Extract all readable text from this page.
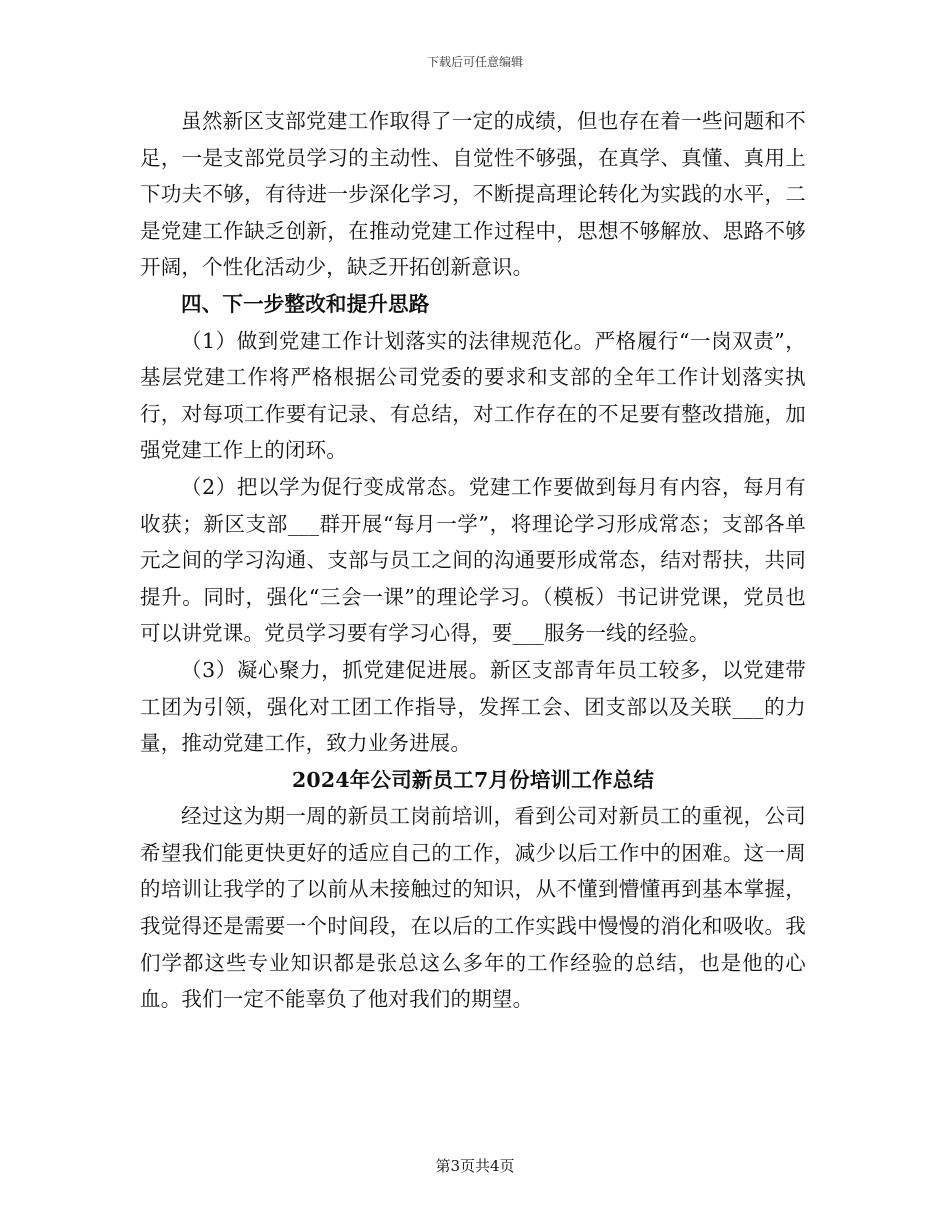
下载后可任意编辑

虽然新区支部党建工作取得了一定的成绩，但也存在着一些问题和不足，一是支部党员学习的主动性、自觉性不够强，在真学、真懂、真用上下功夫不够，有待进一步深化学习，不断提高理论转化为实践的水平，二是党建工作缺乏创新，在推动党建工作过程中，思想不够解放、思路不够开阔，个性化活动少，缺乏开拓创新意识。

四、下一步整改和提升思路

（1）做到党建工作计划落实的法律规范化。严格履行“一岗双责”，基层党建工作将严格根据公司党委的要求和支部的全年工作计划落实执行，对每项工作要有记录、有总结，对工作存在的不足要有整改措施，加强党建工作上的闭环。

（2）把以学为促行变成常态。党建工作要做到每月有内容，每月有收获；新区支部___群开展“每月一学”，将理论学习形成常态；支部各单元之间的学习沟通、支部与员工之间的沟通要形成常态，结对帮扶，共同提升。同时，强化“三会一课”的理论学习。（模板）书记讲党课，党员也可以讲党课。党员学习要有学习心得，要___服务一线的经验。

（3）凝心聚力，抓党建促进展。新区支部青年员工较多，以党建带工团为引领，强化对工团工作指导，发挥工会、团支部以及关联___的力量，推动党建工作，致力业务进展。

2024年公司新员工7月份培训工作总结

经过这为期一周的新员工岗前培训，看到公司对新员工的重视，公司希望我们能更快更好的适应自己的工作，减少以后工作中的困难。这一周的培训让我学的了以前从未接触过的知识，从不懂到懵懂再到基本掌握，我觉得还是需要一个时间段，在以后的工作实践中慢慢的消化和吸收。我们学都这些专业知识都是张总这么多年的工作经验的总结，也是他的心血。我们一定不能辜负了他对我们的期望。

第3页共4页
